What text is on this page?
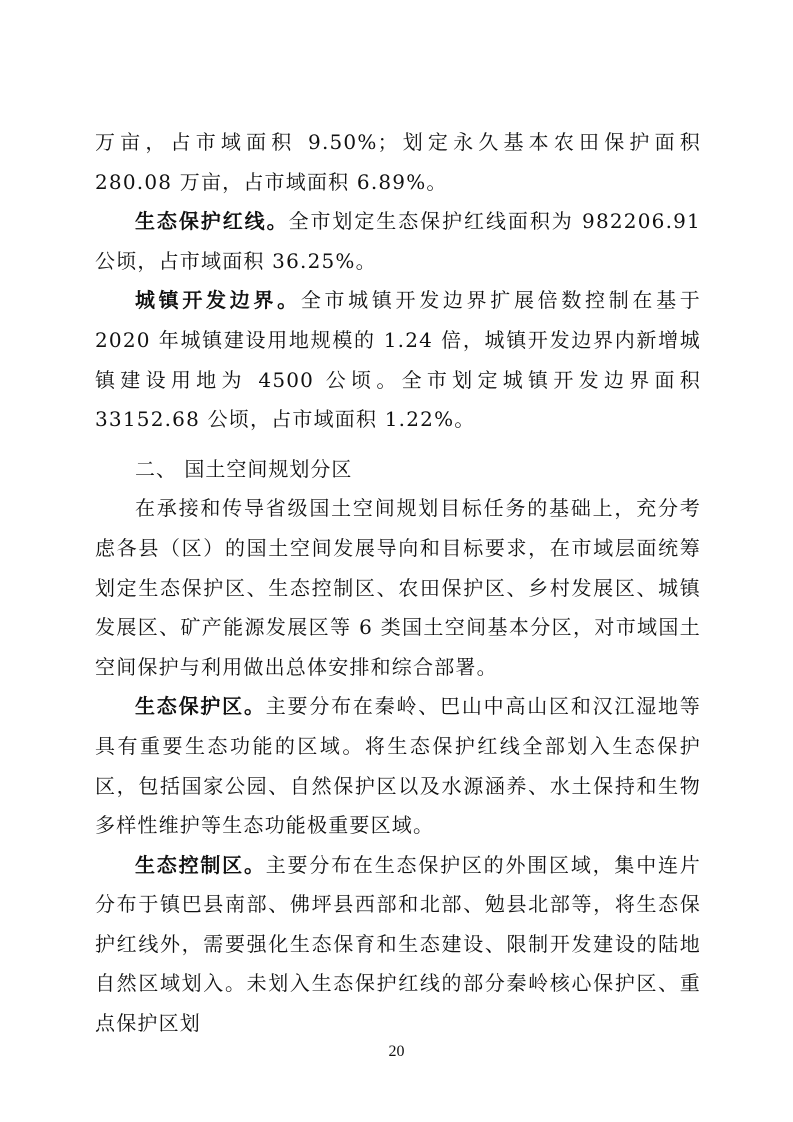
万亩，占市域面积 9.50%；划定永久基本农田保护面积 280.08 万亩，占市域面积 6.89%。

生态保护红线。全市划定生态保护红线面积为 982206.91 公顷，占市域面积 36.25%。

城镇开发边界。全市城镇开发边界扩展倍数控制在基于 2020 年城镇建设用地规模的 1.24 倍，城镇开发边界内新增城镇建设用地为 4500 公顷。全市划定城镇开发边界面积 33152.68 公顷，占市域面积 1.22%。

二、 国土空间规划分区

在承接和传导省级国土空间规划目标任务的基础上，充分考虑各县（区）的国土空间发展导向和目标要求，在市域层面统筹划定生态保护区、生态控制区、农田保护区、乡村发展区、城镇发展区、矿产能源发展区等 6 类国土空间基本分区，对市域国土空间保护与利用做出总体安排和综合部署。

生态保护区。主要分布在秦岭、巴山中高山区和汉江湿地等具有重要生态功能的区域。将生态保护红线全部划入生态保护区，包括国家公园、自然保护区以及水源涵养、水土保持和生物多样性维护等生态功能极重要区域。

生态控制区。主要分布在生态保护区的外围区域，集中连片分布于镇巴县南部、佛坪县西部和北部、勉县北部等，将生态保护红线外，需要强化生态保育和生态建设、限制开发建设的陆地自然区域划入。未划入生态保护红线的部分秦岭核心保护区、重点保护区划

20
